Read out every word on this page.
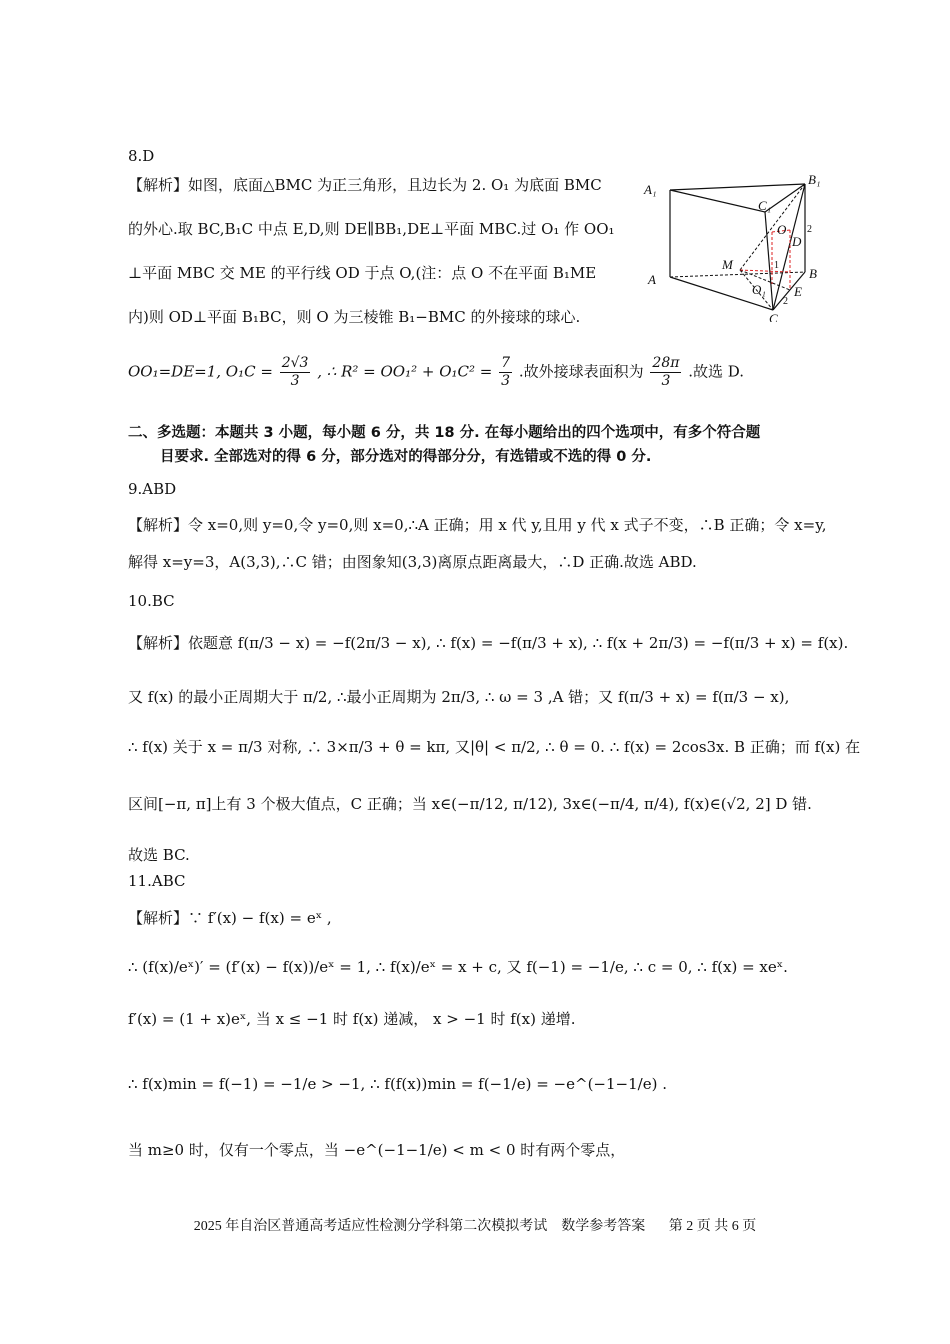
8.D
【解析】如图，底面△BMC 为正三角形，且边长为 2. O₁ 为底面 BMC
的外心.取 BC,B₁C 中点 E,D,则 DE∥BB₁,DE⊥平面 MBC.过 O₁ 作 OO₁
⊥平面 MBC 交 ME 的平行线 OD 于点 O,(注：点 O 不在平面 B₁ME
内)则 OD⊥平面 B₁BC，则 O 为三棱锥 B₁−BMC 的外接球的球心.
OO₁=DE=1, $O_1C = \frac{2√3}{3}$ , ∴ $R^2 = OO_1^2 + O_1C^2 = \frac{7}{3}$ .故外接球表面积为 $\frac{28\pi}{3}$ .故选 D.
A₁
B₁
C₁
A	B
C
O
D
M
O₁ E
2
2
1
二、多选题：本题共 3 小题，每小题 6 分，共 18 分. 在每小题给出的四个选项中，有多个符合题
目要求. 全部选对的得 6 分，部分选对的得部分分，有选错或不选的得 0 分.
9.ABD
【解析】令 x=0,则 y=0,令 y=0,则 x=0,∴A 正确；用 x 代 y,且用 y 代 x 式子不变，∴B 正确；令 x=y,
解得 x=y=3，A(3,3),∴C 错；由图象知(3,3)离原点距离最大，∴D 正确.故选 ABD.
10.BC
【解析】依题意 f(π/3 − x) = −f(2π/3 − x), ∴ f(x) = −f(π/3 + x), ∴ f(x + 2π/3) = −f(π/3 + x) = f(x).
又 f(x) 的最小正周期大于 π/2, ∴最小正周期为 2π/3, ∴ ω = 3 ,A 错；又 f(π/3 + x) = f(π/3 − x),
∴ f(x) 关于 x = π/3 对称, ∴ 3×π/3 + θ = kπ, 又|θ| < π/2, ∴ θ = 0. ∴ f(x) = 2cos3x. B 正确；而 f(x) 在
区间[−π, π]上有 3 个极大值点，C 正确；当 x∈(−π/12, π/12), 3x∈(−π/4, π/4), f(x)∈(√2, 2] D 错.
故选 BC.
11.ABC
【解析】∵ f′(x) − f(x) = eˣ ,
∴ (f(x)/eˣ)′ = (f′(x) − f(x))/eˣ = 1, ∴ f(x)/eˣ = x + c, 又 f(−1) = −1/e, ∴ c = 0, ∴ f(x) = xeˣ.
f′(x) = (1 + x)eˣ, 当 x ≤ −1 时 f(x) 递减， x > −1 时 f(x) 递增.
∴ f(x)min = f(−1) = −1/e > −1, ∴ f(f(x))min = f(−1/e) = −e^(−1−1/e) .
当 m≥0 时，仅有一个零点，当 −e^(−1−1/e) < m < 0 时有两个零点，
2025 年自治区普通高考适应性检测分学科第二次模拟考试　数学参考答案 第 2 页 共 6 页
